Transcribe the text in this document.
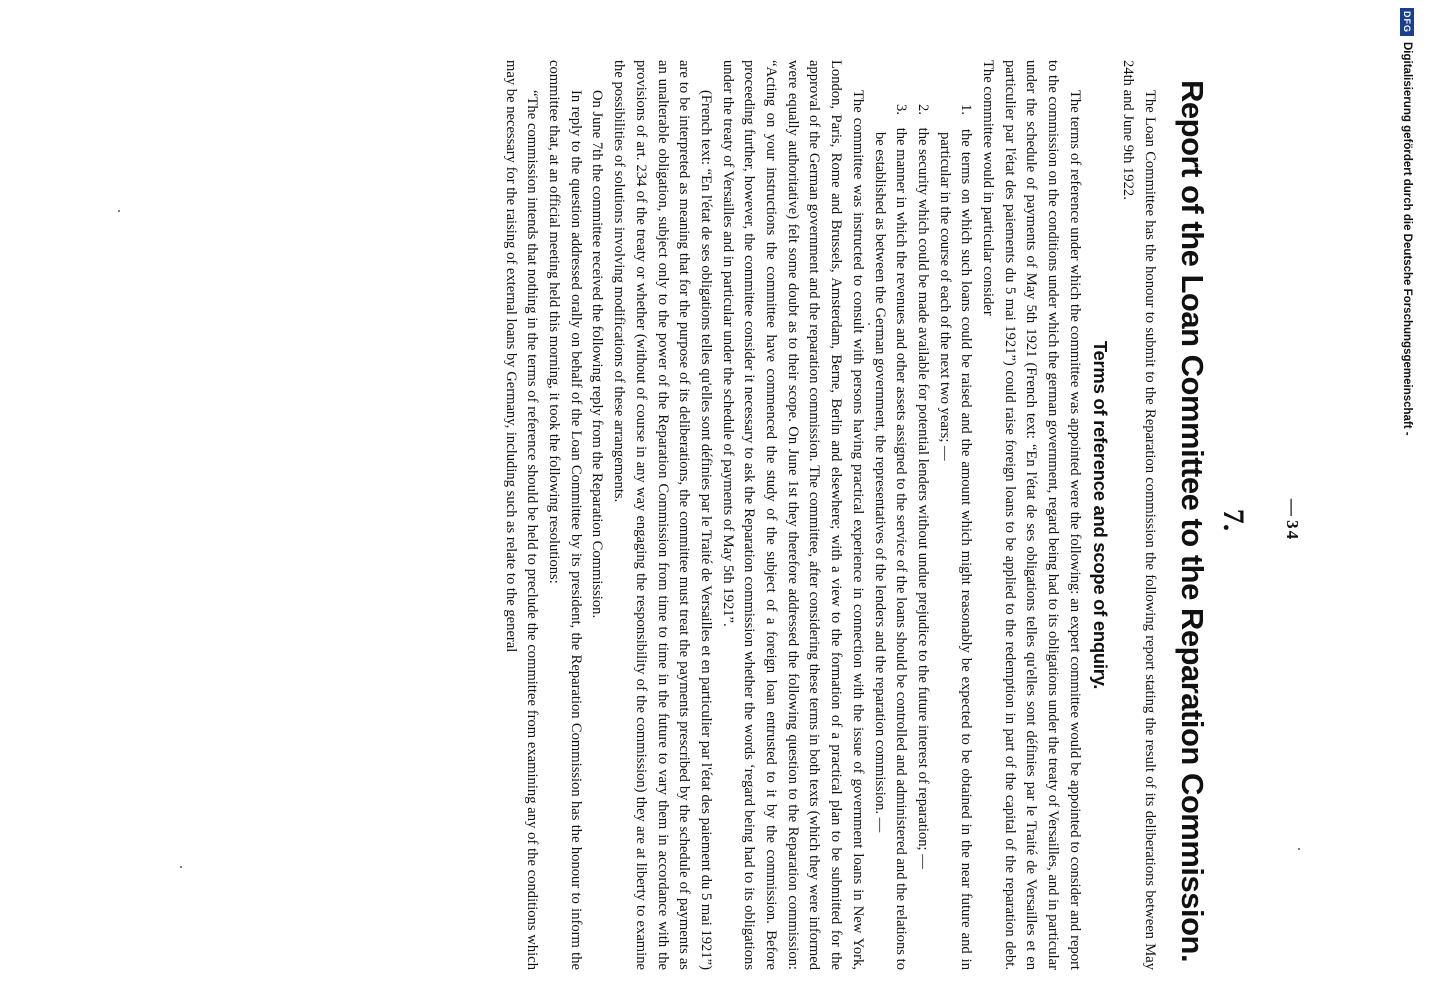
— 34
7.
Report of the Loan Committee to the Reparation Commission.

The Loan Committee has the honour to submit to the Reparation commission the following report stating the result of its deliberations between May 24th and June 9th 1922.

Terms of reference and scope of enquiry.

The terms of reference under which the committee was appointed were the following: an expert committee would be appointed to consider and report to the commission on the conditions under which the german government, regard being had to its obligations under the treaty of Versailles, and in particular under the schedule of payments of May 5th 1921 (French text: “En l'état de ses obligations telles qu'elles sont définies par le Traité de Versailles et en particulier par l'état des paiements du 5 mai 1921”) could raise foreign loans to be applied to the redemption in part of the capital of the reparation debt. The committee would in particular consider

1. the terms on which such loans could be raised and the amount which might reasonably be expected to be obtained in the near future and in particular in the course of each of the next two years; —
2. the security which could be made available for potential lenders without undue prejudice to the future interest of reparation; —
3. the manner in which the revenues and other assets assigned to the service of the loans should be controlled and administered and the relations to be established as between the German government, the representatives of the lenders and the reparation commission. —

The committee was instructed to consult with persons having practical experience in connection with the issue of government loans in New York, London, Paris, Rome and Brussels, Amsterdam, Berne, Berlin and elsewhere; with a view to the formation of a practical plan to be submitted for the approval of the German government and the reparation commission. The committee, after considering these terms in both texts (which they were informed were equally authoritative) felt some doubt as to their scope. On June 1st they therefore addressed the following question to the Reparation commission: “Acting on your instructions the committee have commenced the study of the subject of a foreign loan entrusted to it by the commission. Before proceeding further, however, the committee consider it necessary to ask the Reparation commission whether the words ‘regard being had to its obligations under the treaty of Versailles and in particular under the schedule of payments of May 5th 1921”.

(French text: “En l'état de ses obligations telles qu'elles sont définies par le Traité de Versailles et en particulier par l'état des paiement du 5 mai 1921”) are to be interpreted as meaning that for the purpose of its deliberations, the committee must treat the payments prescribed by the schedule of payments as an unalterable obligation, subject only to the power of the Reparation Commission from time to time in the future to vary them in accordance with the provisions of art. 234 of the treaty or whether (without of course in any way engaging the responsibility of the commission) they are at liberty to examine the possibilities of solutions involving modifications of these arrangements.

On June 7th the committee received the following reply from the Reparation Commission.

In reply to the question addressed orally on behalf of the Loan Committee by its president, the Reparation Commission has the honour to inform the committee that, at an official meeting held this morning, it took the following resolutions:

“The commission intends that nothing in the terms of reference should be held to preclude the committee from examining any of the conditions which may be necessary for the raising of external loans by Germany, including such as relate to the general

DFG
Digitalisierung gefördert durch die Deutsche Forschungsgemeinschaft -
